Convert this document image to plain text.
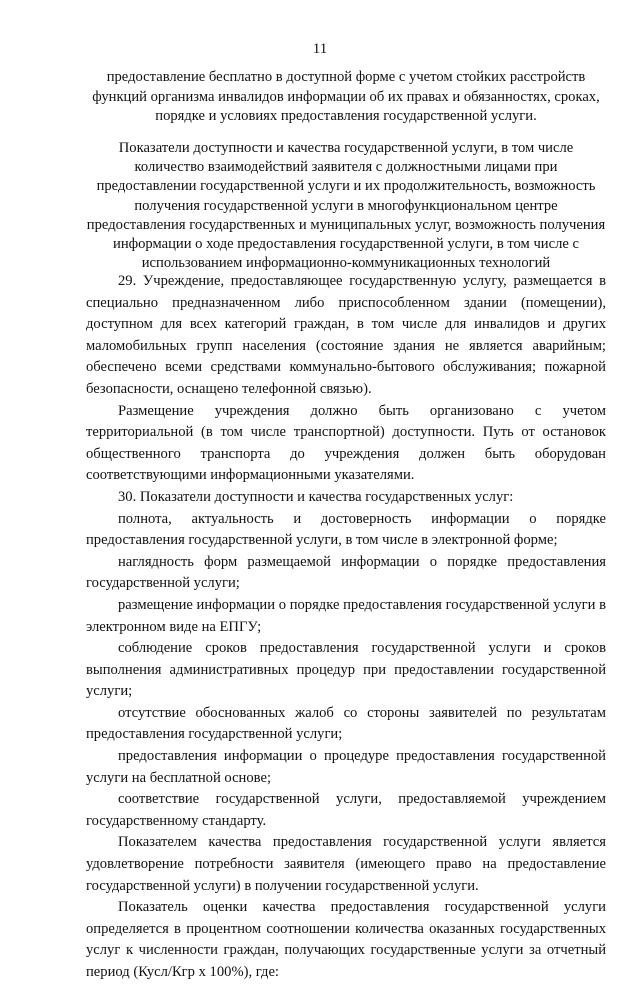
11
предоставление бесплатно в доступной форме с учетом стойких расстройств функций организма инвалидов информации об их правах и обязанностях, сроках, порядке и условиях предоставления государственной услуги.
Показатели доступности и качества государственной услуги, в том числе количество взаимодействий заявителя с должностными лицами при предоставлении государственной услуги и их продолжительность, возможность получения государственной услуги в многофункциональном центре предоставления государственных и муниципальных услуг, возможность получения информации о ходе предоставления государственной услуги, в том числе с использованием информационно-коммуникационных технологий

29. Учреждение, предоставляющее государственную услугу, размещается в специально предназначенном либо приспособленном здании (помещении), доступном для всех категорий граждан, в том числе для инвалидов и других маломобильных групп населения (состояние здания не является аварийным; обеспечено всеми средствами коммунально-бытового обслуживания; пожарной безопасности, оснащено телефонной связью).

Размещение учреждения должно быть организовано с учетом территориальной (в том числе транспортной) доступности. Путь от остановок общественного транспорта до учреждения должен быть оборудован соответствующими информационными указателями.

30. Показатели доступности и качества государственных услуг:

полнота, актуальность и достоверность информации о порядке предоставления государственной услуги, в том числе в электронной форме;

наглядность форм размещаемой информации о порядке предоставления государственной услуги;

размещение информации о порядке предоставления государственной услуги в электронном виде на ЕПГУ;

соблюдение сроков предоставления государственной услуги и сроков выполнения административных процедур при предоставлении государственной услуги;

отсутствие обоснованных жалоб со стороны заявителей по результатам предоставления государственной услуги;

предоставления информации о процедуре предоставления государственной услуги на бесплатной основе;

соответствие государственной услуги, предоставляемой учреждением государственному стандарту.

Показателем качества предоставления государственной услуги является удовлетворение потребности заявителя (имеющего право на предоставление государственной услуги) в получении государственной услуги.

Показатель оценки качества предоставления государственной услуги определяется в процентном соотношении количества оказанных государственных услуг к численности граждан, получающих государственные услуги за отчетный период (Кусл/Кгр х 100%), где:
